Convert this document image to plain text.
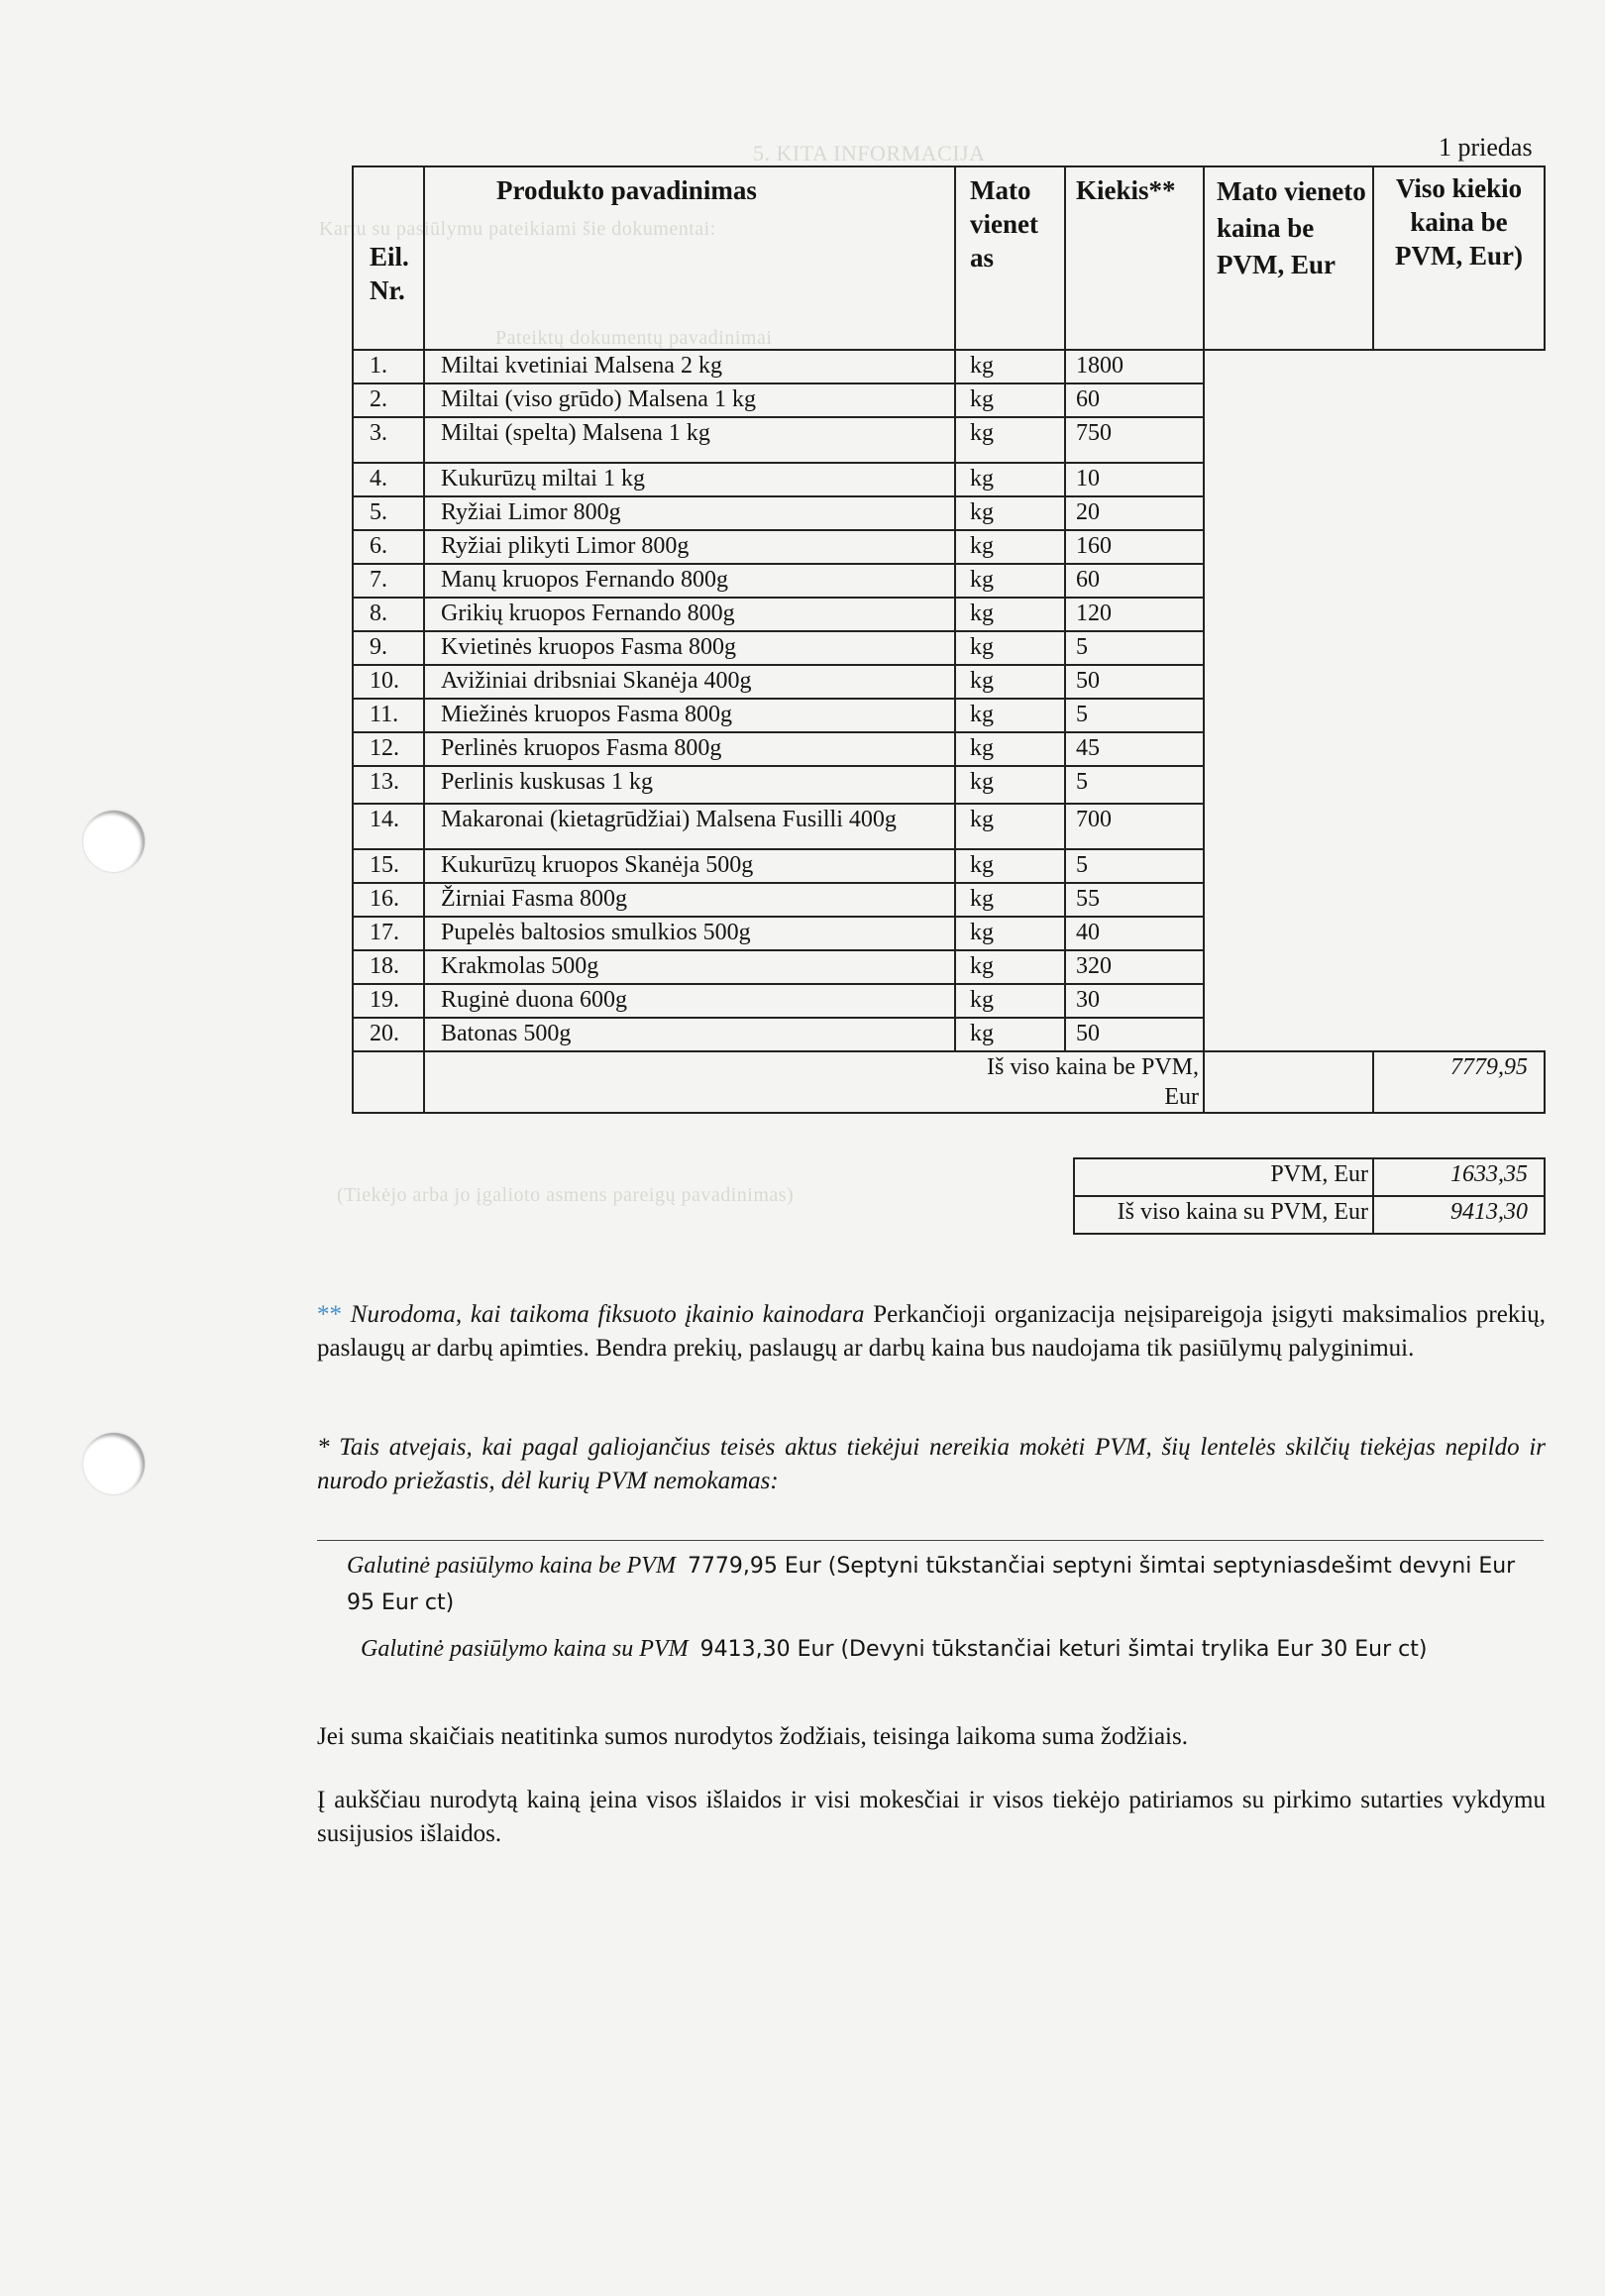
5. KITA INFORMACIJA
Kartu su pasiūlymu pateikiami šie dokumentai:
Pateiktų dokumentų pavadinimai
(Tiekėjo arba jo įgalioto asmens pareigų pavadinimas)
1 priedas
Eil. Nr.	Produkto pavadinimas	Mato vienet as	Kiekis**	Mato vieneto kaina be PVM, Eur	Viso kiekio kaina be PVM, Eur)
1.	Miltai kvetiniai Malsena 2 kg	kg	1800		
2.	Miltai (viso grūdo) Malsena 1 kg	kg	60		
3.	Miltai (spelta) Malsena 1 kg	kg	750		
4.	Kukurūzų miltai 1 kg	kg	10		
5.	Ryžiai Limor 800g	kg	20		
6.	Ryžiai plikyti Limor 800g	kg	160		
7.	Manų kruopos Fernando 800g	kg	60		
8.	Grikių kruopos Fernando 800g	kg	120		
9.	Kvietinės kruopos Fasma 800g	kg	5		
10.	Avižiniai dribsniai Skanėja 400g	kg	50		
11.	Miežinės kruopos Fasma 800g	kg	5		
12.	Perlinės kruopos Fasma 800g	kg	45		
13.	Perlinis kuskusas 1 kg	kg	5		
14.	Makaronai (kietagrūdžiai) Malsena Fusilli 400g	kg	700		
15.	Kukurūzų kruopos Skanėja 500g	kg	5		
16.	Žirniai Fasma 800g	kg	55		
17.	Pupelės baltosios smulkios 500g	kg	40		
18.	Krakmolas 500g	kg	320		
19.	Ruginė duona 600g	kg	30		
20.	Batonas 500g	kg	50		
	Iš viso kaina be PVM, Eur				7779,95
PVM, Eur	1633,35
Iš viso kaina su PVM, Eur	9413,30
** Nurodoma, kai taikoma fiksuoto įkainio kainodara Perkančioji organizacija neįsipareigoja įsigyti maksimalios prekių, paslaugų ar darbų apimties. Bendra prekių, paslaugų ar darbų kaina bus naudojama tik pasiūlymų palyginimui.
* Tais atvejais, kai pagal galiojančius teisės aktus tiekėjui nereikia mokėti PVM, šių lentelės skilčių tiekėjas nepildo ir nurodo priežastis, dėl kurių PVM nemokamas:
Galutinė pasiūlymo kaina be PVM 7779,95 Eur (Septyni tūkstančiai septyni šimtai septyniasdešimt devyni Eur 95 Eur ct)
Galutinė pasiūlymo kaina su PVM 9413,30 Eur (Devyni tūkstančiai keturi šimtai trylika Eur 30 Eur ct)
Jei suma skaičiais neatitinka sumos nurodytos žodžiais, teisinga laikoma suma žodžiais.
Į aukščiau nurodytą kainą įeina visos išlaidos ir visi mokesčiai ir visos tiekėjo patiriamos su pirkimo sutarties vykdymu susijusios išlaidos.
